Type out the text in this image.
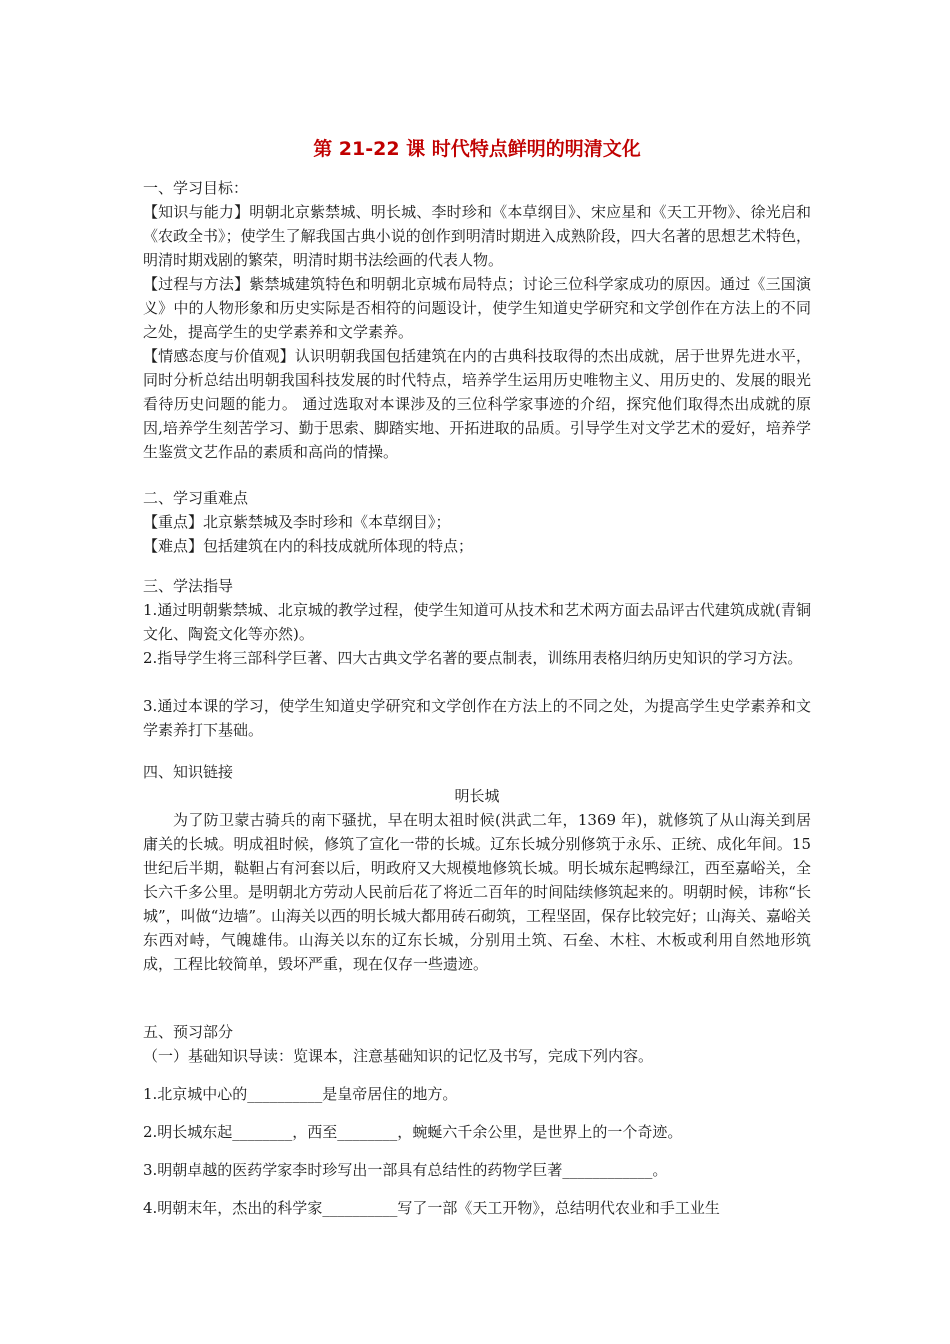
第 21-22 课 时代特点鲜明的明清文化
一、学习目标：

【知识与能力】明朝北京紫禁城、明长城、李时珍和《本草纲目》、宋应星和《天工开物》、徐光启和《农政全书》；使学生了解我国古典小说的创作到明清时期进入成熟阶段，四大名著的思想艺术特色，明清时期戏剧的繁荣，明清时期书法绘画的代表人物。

【过程与方法】紫禁城建筑特色和明朝北京城布局特点；讨论三位科学家成功的原因。通过《三国演义》中的人物形象和历史实际是否相符的问题设计，使学生知道史学研究和文学创作在方法上的不同之处，提高学生的史学素养和文学素养。

【情感态度与价值观】认识明朝我国包括建筑在内的古典科技取得的杰出成就，居于世界先进水平，同时分析总结出明朝我国科技发展的时代特点，培养学生运用历史唯物主义、用历史的、发展的眼光看待历史问题的能力。 通过选取对本课涉及的三位科学家事迹的介绍，探究他们取得杰出成就的原因,培养学生刻苦学习、勤于思索、脚踏实地、开拓进取的品质。引导学生对文学艺术的爱好，培养学生鉴赏文艺作品的素质和高尚的情操。

二、学习重难点
【重点】北京紫禁城及李时珍和《本草纲目》；
【难点】包括建筑在内的科技成就所体现的特点；
三、学法指导

1.通过明朝紫禁城、北京城的教学过程，使学生知道可从技术和艺术两方面去品评古代建筑成就(青铜文化、陶瓷文化等亦然)。

2.指导学生将三部科学巨著、四大古典文学名著的要点制表，训练用表格归纳历史知识的学习方法。

3.通过本课的学习，使学生知道史学研究和文学创作在方法上的不同之处，为提高学生史学素养和文学素养打下基础。

四、知识链接
明长城

为了防卫蒙古骑兵的南下骚扰，早在明太祖时候(洪武二年，1369 年)，就修筑了从山海关到居庸关的长城。明成祖时候，修筑了宣化一带的长城。辽东长城分别修筑于永乐、正统、成化年间。15 世纪后半期，鞑靼占有河套以后，明政府又大规模地修筑长城。明长城东起鸭绿江，西至嘉峪关，全长六千多公里。是明朝北方劳动人民前后花了将近二百年的时间陆续修筑起来的。明朝时候，讳称“长城”，叫做“边墙”。山海关以西的明长城大都用砖石砌筑，工程坚固，保存比较完好；山海关、嘉峪关东西对峙，气魄雄伟。山海关以东的辽东长城，分别用土筑、石垒、木柱、木板或利用自然地形筑成，工程比较简单，毁坏严重，现在仅存一些遗迹。

五、预习部分
（一）基础知识导读：览课本，注意基础知识的记忆及书写，完成下列内容。
1.北京城中心的__________是皇帝居住的地方。
2.明长城东起________，西至________，蜿蜒六千余公里，是世界上的一个奇迹。
3.明朝卓越的医药学家李时珍写出一部具有总结性的药物学巨著____________。
4.明朝末年，杰出的科学家__________写了一部《天工开物》，总结明代农业和手工业生
